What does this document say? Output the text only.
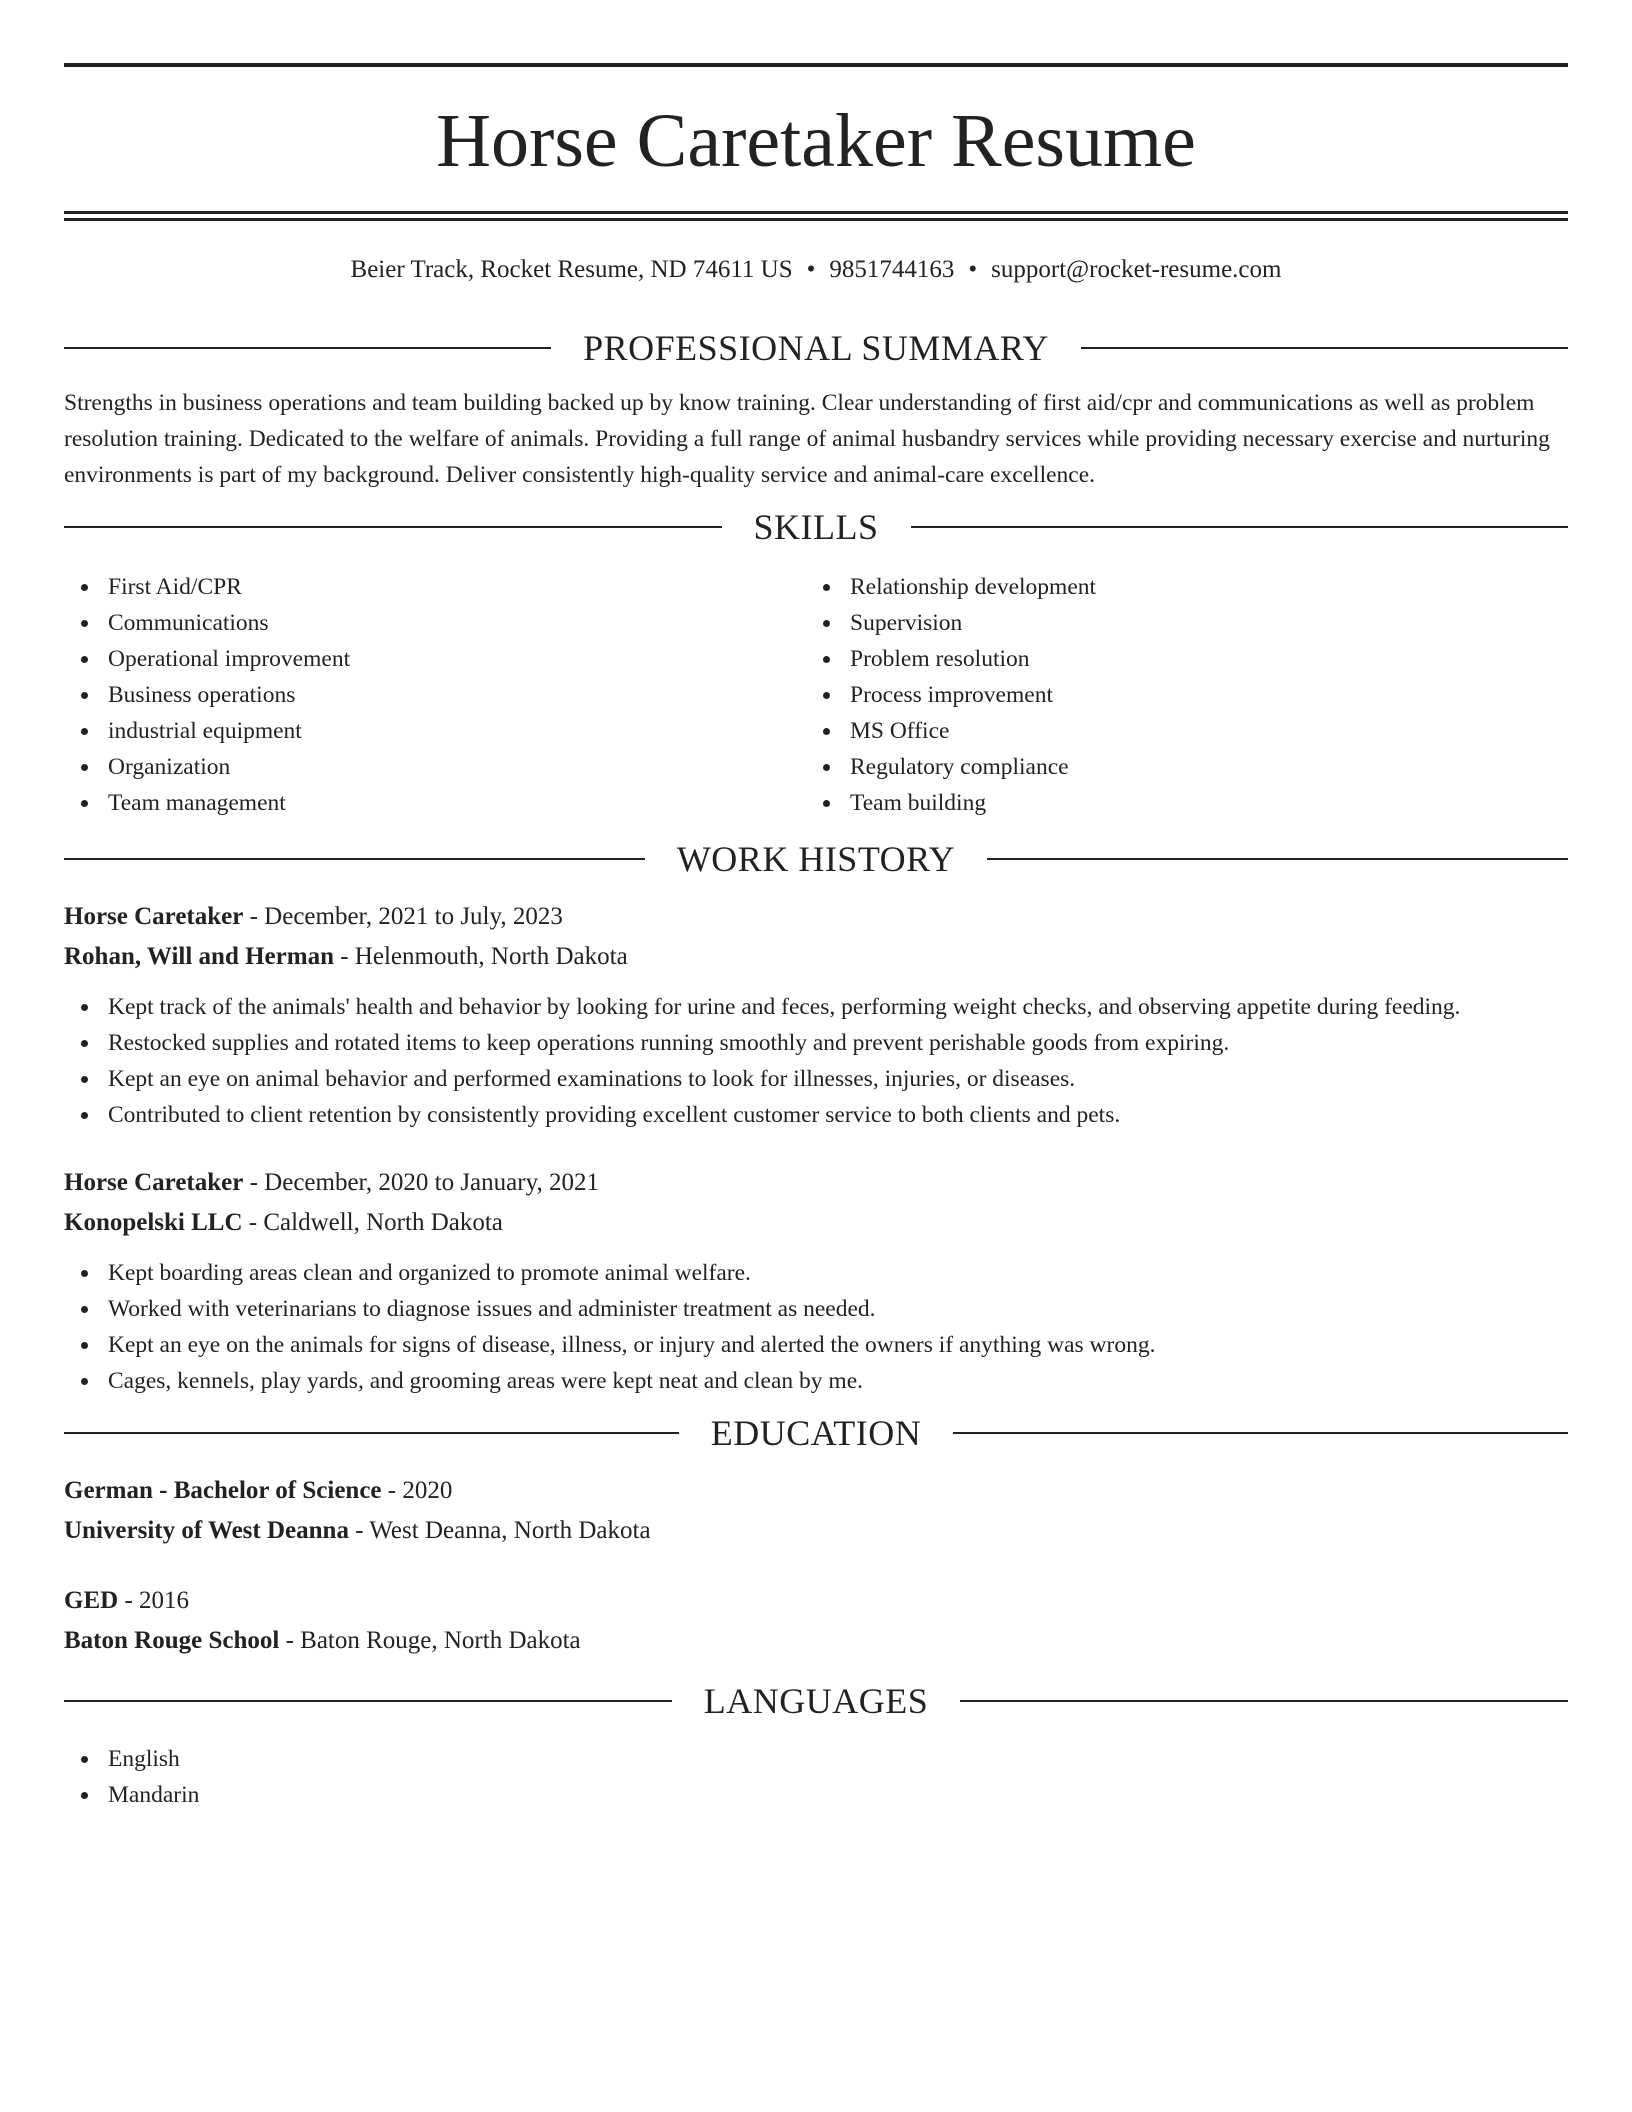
Horse Caretaker Resume
Beier Track, Rocket Resume, ND 74611 US • 9851744163 • support@rocket-resume.com
PROFESSIONAL SUMMARY

Strengths in business operations and team building backed up by know training. Clear understanding of first aid/cpr and communications as well as problem resolution training. Dedicated to the welfare of animals. Providing a full range of animal husbandry services while providing necessary exercise and nurturing environments is part of my background. Deliver consistently high-quality service and animal-care excellence.

SKILLS
First Aid/CPR
Communications
Operational improvement
Business operations
industrial equipment
Organization
Team management
Relationship development
Supervision
Problem resolution
Process improvement
MS Office
Regulatory compliance
Team building
WORK HISTORY

Horse Caretaker - December, 2021 to July, 2023

Rohan, Will and Herman - Helenmouth, North Dakota

Kept track of the animals' health and behavior by looking for urine and feces, performing weight checks, and observing appetite during feeding.
Restocked supplies and rotated items to keep operations running smoothly and prevent perishable goods from expiring.
Kept an eye on animal behavior and performed examinations to look for illnesses, injuries, or diseases.
Contributed to client retention by consistently providing excellent customer service to both clients and pets.

Horse Caretaker - December, 2020 to January, 2021

Konopelski LLC - Caldwell, North Dakota

Kept boarding areas clean and organized to promote animal welfare.
Worked with veterinarians to diagnose issues and administer treatment as needed.
Kept an eye on the animals for signs of disease, illness, or injury and alerted the owners if anything was wrong.
Cages, kennels, play yards, and grooming areas were kept neat and clean by me.
EDUCATION

German - Bachelor of Science - 2020

University of West Deanna - West Deanna, North Dakota

GED - 2016

Baton Rouge School - Baton Rouge, North Dakota

LANGUAGES
English
Mandarin
